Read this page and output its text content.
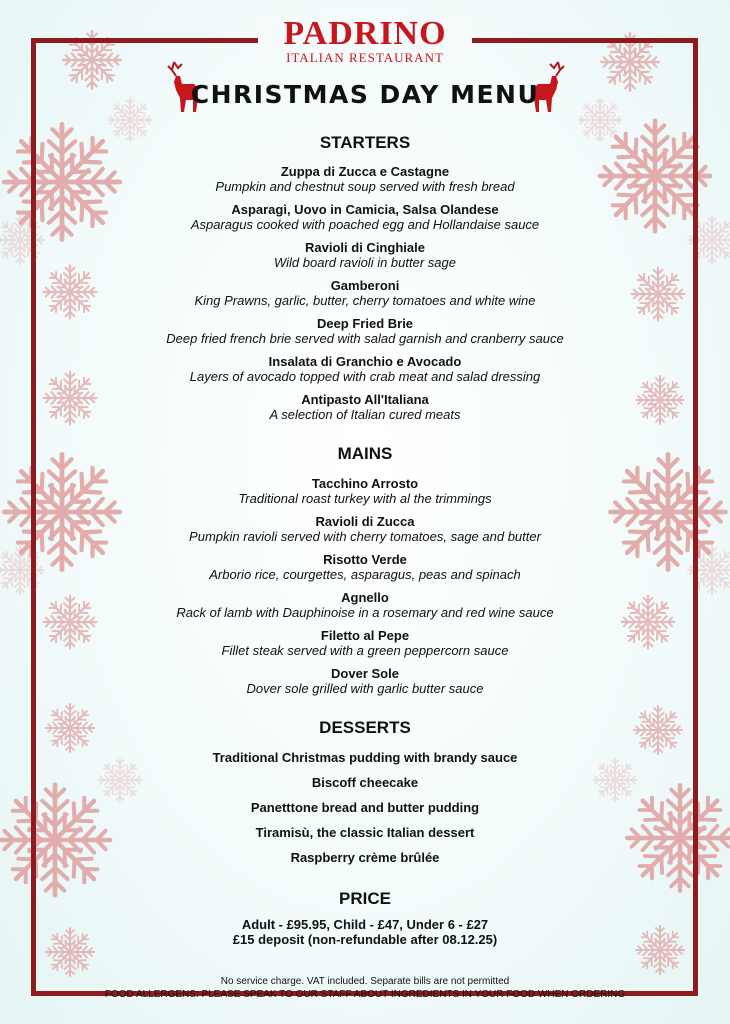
PADRINO
ITALIAN RESTAURANT
CHRISTMAS DAY MENU
STARTERS
Zuppa di Zucca e Castagne
Pumpkin and chestnut soup served with fresh bread
Asparagi, Uovo in Camicia, Salsa Olandese
Asparagus cooked with poached egg and Hollandaise sauce
Ravioli di Cinghiale
Wild board ravioli in butter sage
Gamberoni
King Prawns, garlic, butter, cherry tomatoes and white wine
Deep Fried Brie
Deep fried french brie served with salad garnish and cranberry sauce
Insalata di Granchio e Avocado
Layers of avocado topped with crab meat and salad dressing
Antipasto All'Italiana
A selection of Italian cured meats
MAINS
Tacchino Arrosto
Traditional roast turkey with al the trimmings
Ravioli di Zucca
Pumpkin ravioli served with cherry tomatoes, sage and butter
Risotto Verde
Arborio rice, courgettes, asparagus, peas and spinach
Agnello
Rack of lamb with Dauphinoise in a rosemary and red wine sauce
Filetto al Pepe
Fillet steak served with a green peppercorn sauce
Dover Sole
Dover sole grilled with garlic butter sauce
DESSERTS
Traditional Christmas pudding with brandy sauce
Biscoff cheecake
Panetttone bread and butter pudding
Tiramisù, the classic Italian dessert
Raspberry crème brûlée
PRICE
Adult - £95.95, Child - £47, Under 6 - £27
£15 deposit (non-refundable after 08.12.25)
No service charge. VAT included. Separate bills are not permitted
FOOD ALLERGENS: PLEASE SPEAK TO OUR STAFF ABOUT INGREDIENTS IN YOUR FOOD WHEN ORDERING
